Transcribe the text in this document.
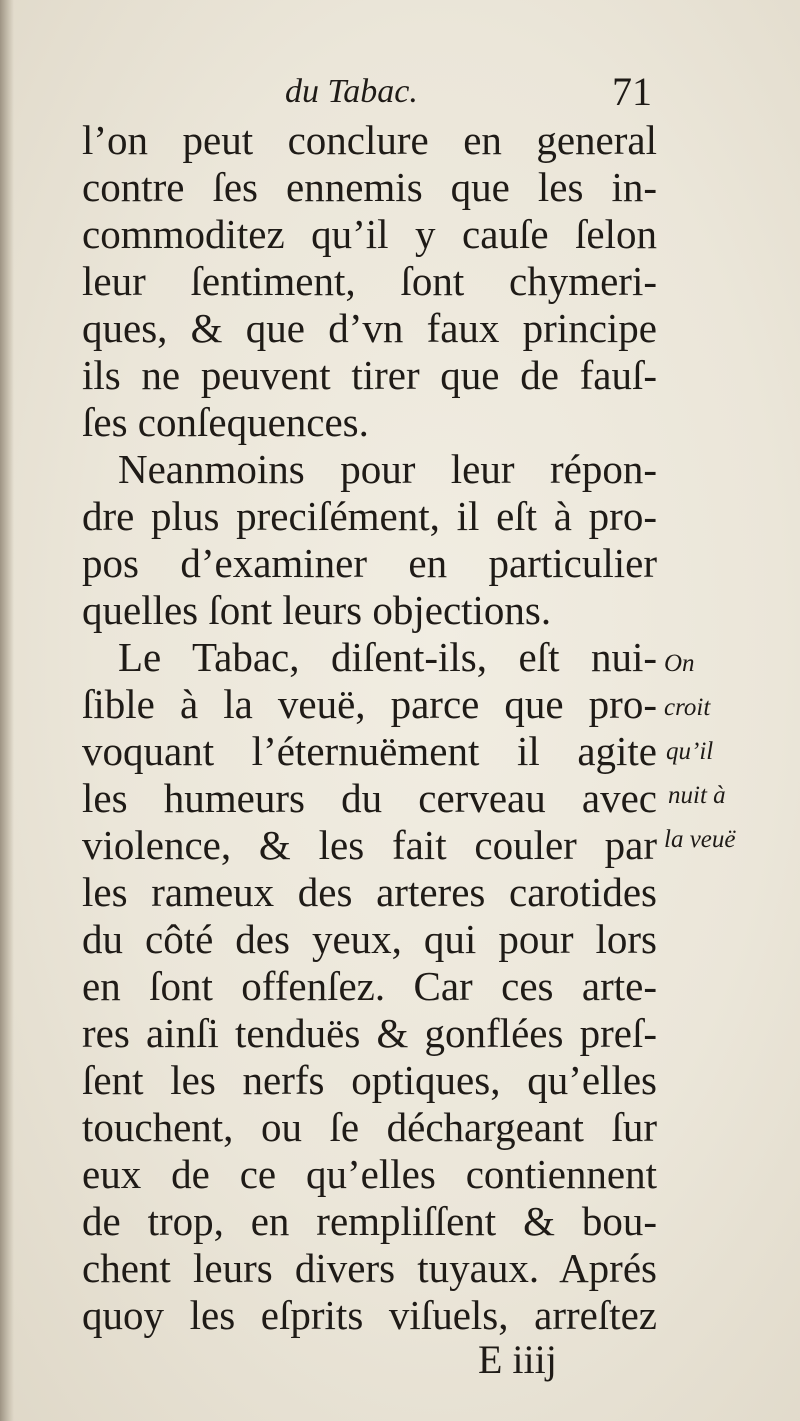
du Tabac.	71
l’on peut conclure en general
contre ſes ennemis que les in-
commoditez qu’il y cauſe ſelon
leur ſentiment, ſont chymeri-
ques, & que d’vn faux principe
ils ne peuvent tirer que de fauſ-
ſes conſequences.
Neanmoins pour leur répon-
dre plus preciſément, il eſt à pro-
pos d’examiner en particulier
quelles ſont leurs objections.
Le Tabac, diſent-ils, eſt nui-
ſible à la veuë, parce que pro-
voquant l’éternuëment il agite
les humeurs du cerveau avec
violence, & les fait couler par
les rameux des arteres carotides
du côté des yeux, qui pour lors
en ſont offenſez. Car ces arte-
res ainſi tenduës & gonflées preſ-
ſent les nerfs optiques, qu’elles
touchent, ou ſe déchargeant ſur
eux de ce qu’elles contiennent
de trop, en rempliſſent & bou-
chent leurs divers tuyaux. Aprés
quoy les eſprits viſuels, arreſtez
On
croit
qu’il
nuit à
la veuë
E iiij
